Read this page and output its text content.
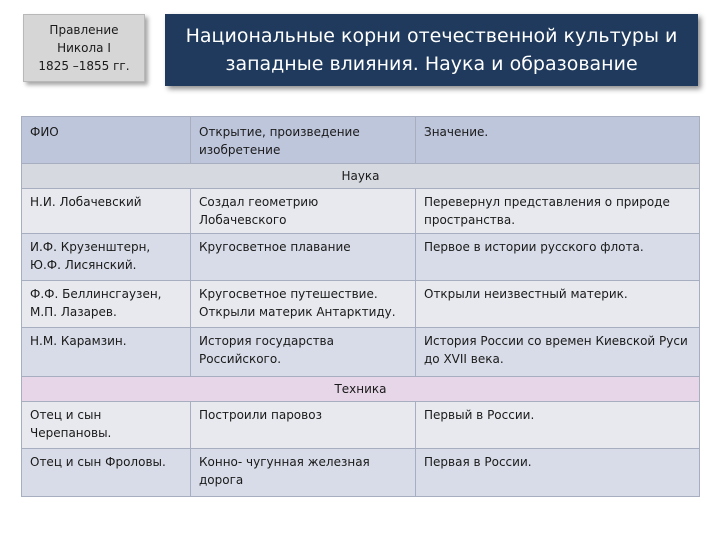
Правление
Никола I
1825 –1855 гг.
Национальные корни отечественной культуры и
западные влияния. Наука и образование
ФИО	Открытие, произведение изобретение	Значение.
Наука		
Н.И. Лобачевский	Создал геометрию Лобачевского	Перевернул представления о природе пространства.
И.Ф. Крузенштерн, Ю.Ф. Лисянский.	Кругосветное плавание	Первое в истории русского флота.
Ф.Ф. Беллинсгаузен, М.П. Лазарев.	Кругосветное путешествие. Открыли материк Антарктиду.	Открыли неизвестный материк.
Н.М. Карамзин.	История государства Российского.	История России со времен Киевской Руси до XVII века.
Техника		
Отец и сын Черепановы.	Построили паровоз	Первый в России.
Отец и сын Фроловы.	Конно- чугунная железная дорога	Первая в России.
